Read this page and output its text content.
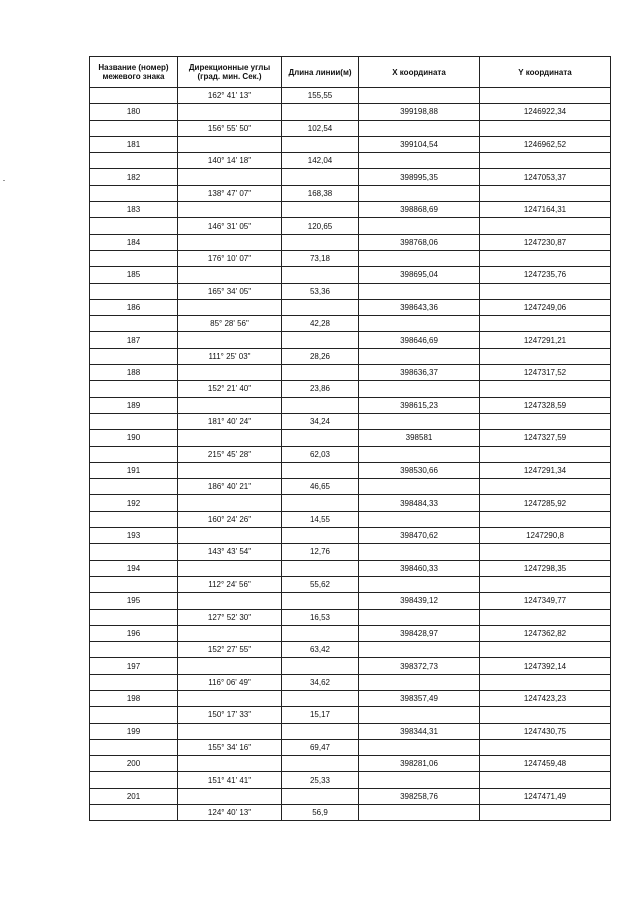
Название (номер) межевого знака	Дирекционные углы (град. мин. Сек.)	Длина линии(м)	X координата	Y координата
	162° 41' 13"	155,55		
180			399198,88	1246922,34
	156° 55' 50"	102,54		
181			399104,54	1246962,52
	140° 14' 18"	142,04		
182			398995,35	1247053,37
	138° 47' 07"	168,38		
183			398868,69	1247164,31
	146° 31' 05"	120,65		
184			398768,06	1247230,87
	176° 10' 07"	73,18		
185			398695,04	1247235,76
	165° 34' 05"	53,36		
186			398643,36	1247249,06
	85° 28' 56"	42,28		
187			398646,69	1247291,21
	111° 25' 03"	28,26		
188			398636,37	1247317,52
	152° 21' 40"	23,86		
189			398615,23	1247328,59
	181° 40' 24"	34,24		
190			398581	1247327,59
	215° 45' 28"	62,03		
191			398530,66	1247291,34
	186° 40' 21"	46,65		
192			398484,33	1247285,92
	160° 24' 26"	14,55		
193			398470,62	1247290,8
	143° 43' 54"	12,76		
194			398460,33	1247298,35
	112° 24' 56"	55,62		
195			398439,12	1247349,77
	127° 52' 30"	16,53		
196			398428,97	1247362,82
	152° 27' 55"	63,42		
197			398372,73	1247392,14
	116° 06' 49"	34,62		
198			398357,49	1247423,23
	150° 17' 33"	15,17		
199			398344,31	1247430,75
	155° 34' 16"	69,47		
200			398281,06	1247459,48
	151° 41' 41"	25,33		
201			398258,76	1247471,49
	124° 40' 13"	56,9		
